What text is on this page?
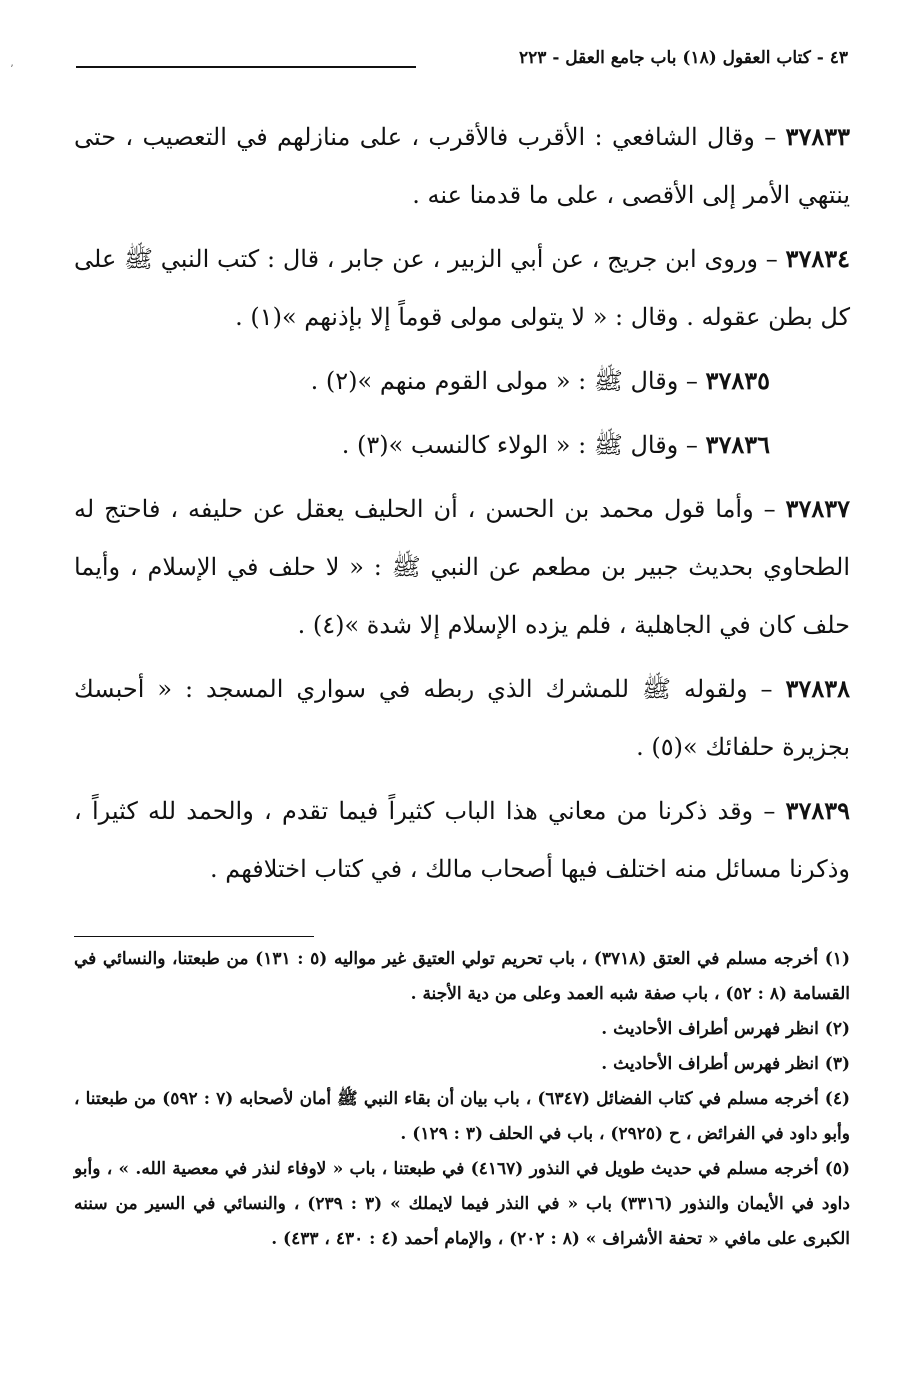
ʼ
٤٣ - كتاب العقول (١٨) باب جامع العقل - ٢٢٣

٣٧٨٣٣ – وقال الشافعي : الأقرب فالأقرب ، على منازلهم في التعصيب ، حتى ينتهي الأمر إلى الأقصى ، على ما قدمنا عنه .

٣٧٨٣٤ – وروى ابن جريج ، عن أبي الزبير ، عن جابر ، قال : كتب النبي ﷺ على كل بطن عقوله . وقال : « لا يتولى مولى قوماً إلا بإذنهم »(١) .

٣٧٨٣٥ – وقال ﷺ : « مولى القوم منهم »(٢) .

٣٧٨٣٦ – وقال ﷺ : « الولاء كالنسب »(٣) .

٣٧٨٣٧ – وأما قول محمد بن الحسن ، أن الحليف يعقل عن حليفه ، فاحتج له الطحاوي بحديث جبير بن مطعم عن النبي ﷺ : « لا حلف في الإسلام ، وأيما حلف كان في الجاهلية ، فلم يزده الإسلام إلا شدة »(٤) .

٣٧٨٣٨ – ولقوله ﷺ للمشرك الذي ربطه في سواري المسجد : « أحبسك بجزيرة حلفائك »(٥) .

٣٧٨٣٩ – وقد ذكرنا من معاني هذا الباب كثيراً فيما تقدم ، والحمد لله كثيراً ، وذكرنا مسائل منه اختلف فيها أصحاب مالك ، في كتاب اختلافهم .

(١) أخرجه مسلم في العتق (٣٧١٨) ، باب تحريم تولي العتيق غير مواليه (٥ : ١٣١) من طبعتنا، والنسائي في القسامة (٨ : ٥٢) ، باب صفة شبه العمد وعلى من دية الأجنة .

(٢) انظر فهرس أطراف الأحاديث .

(٣) انظر فهرس أطراف الأحاديث .

(٤) أخرجه مسلم في كتاب الفضائل (٦٣٤٧) ، باب بيان أن بقاء النبي ﷺ أمان لأصحابه (٧ : ٥٩٢) من طبعتنا ، وأبو داود في الفرائض ، ح (٢٩٢٥) ، باب في الحلف (٣ : ١٢٩) .

(٥) أخرجه مسلم في حديث طويل في النذور (٤١٦٧) في طبعتنا ، باب « لاوفاء لنذر في معصية الله. » ، وأبو داود في الأيمان والنذور (٣٣١٦) باب « في النذر فيما لايملك » (٣ : ٢٣٩) ، والنسائي في السير من سننه الكبرى على مافي « تحفة الأشراف » (٨ : ٢٠٢) ، والإمام أحمد (٤ : ٤٣٠ ، ٤٣٣) .
